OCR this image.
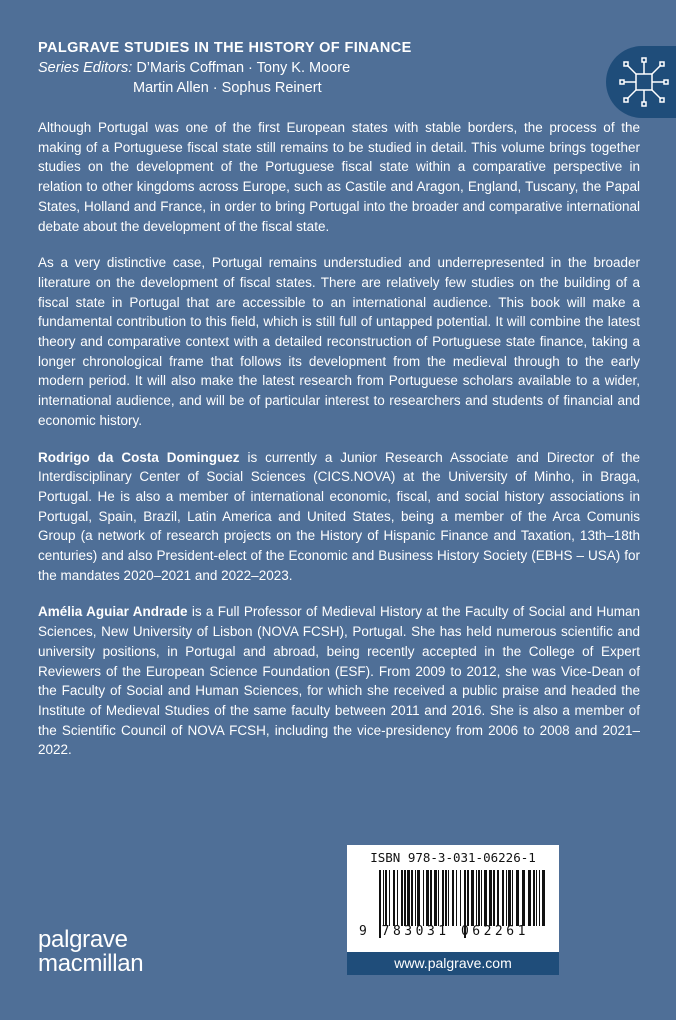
PALGRAVE STUDIES IN THE HISTORY OF FINANCE
Series Editors: D’Maris Coffman · Tony K. Moore
Martin Allen · Sophus Reinert

Although Portugal was one of the first European states with stable borders, the process of the making of a Portuguese fiscal state still remains to be studied in detail. This volume brings together studies on the development of the Portuguese fiscal state within a comparative perspective in relation to other kingdoms across Europe, such as Castile and Aragon, England, Tuscany, the Papal States, Holland and France, in order to bring Portugal into the broader and comparative international debate about the development of the fiscal state.

As a very distinctive case, Portugal remains understudied and underrepresented in the broader literature on the development of fiscal states. There are relatively few studies on the building of a fiscal state in Portugal that are accessible to an international audience. This book will make a fundamental contribution to this field, which is still full of untapped potential. It will combine the latest theory and comparative context with a detailed reconstruction of Portuguese state finance, taking a longer chronological frame that follows its development from the medieval through to the early modern period. It will also make the latest research from Portuguese scholars available to a wider, international audience, and will be of particular interest to researchers and students of financial and economic history.

Rodrigo da Costa Dominguez is currently a Junior Research Associate and Director of the Interdisciplinary Center of Social Sciences (CICS.NOVA) at the University of Minho, in Braga, Portugal. He is also a member of international economic, fiscal, and social history associations in Portugal, Spain, Brazil, Latin America and United States, being a member of the Arca Comunis Group (a network of research projects on the History of Hispanic Finance and Taxation, 13th–18th centuries) and also President-elect of the Economic and Business History Society (EBHS – USA) for the mandates 2020–2021 and 2022–2023.

Amélia Aguiar Andrade is a Full Professor of Medieval History at the Faculty of Social and Human Sciences, New University of Lisbon (NOVA FCSH), Portugal. She has held numerous scientific and university positions, in Portugal and abroad, being recently accepted in the College of Expert Reviewers of the European Science Foundation (ESF). From 2009 to 2012, she was Vice-Dean of the Faculty of Social and Human Sciences, for which she received a public praise and headed the Institute of Medieval Studies of the same faculty between 2011 and 2016. She is also a member of the Scientific Council of NOVA FCSH, including the vice-presidency from 2006 to 2008 and 2021–2022.

palgrave
macmillan
ISBN 978-3-031-06226-1
9 783031 062261
www.palgrave.com
